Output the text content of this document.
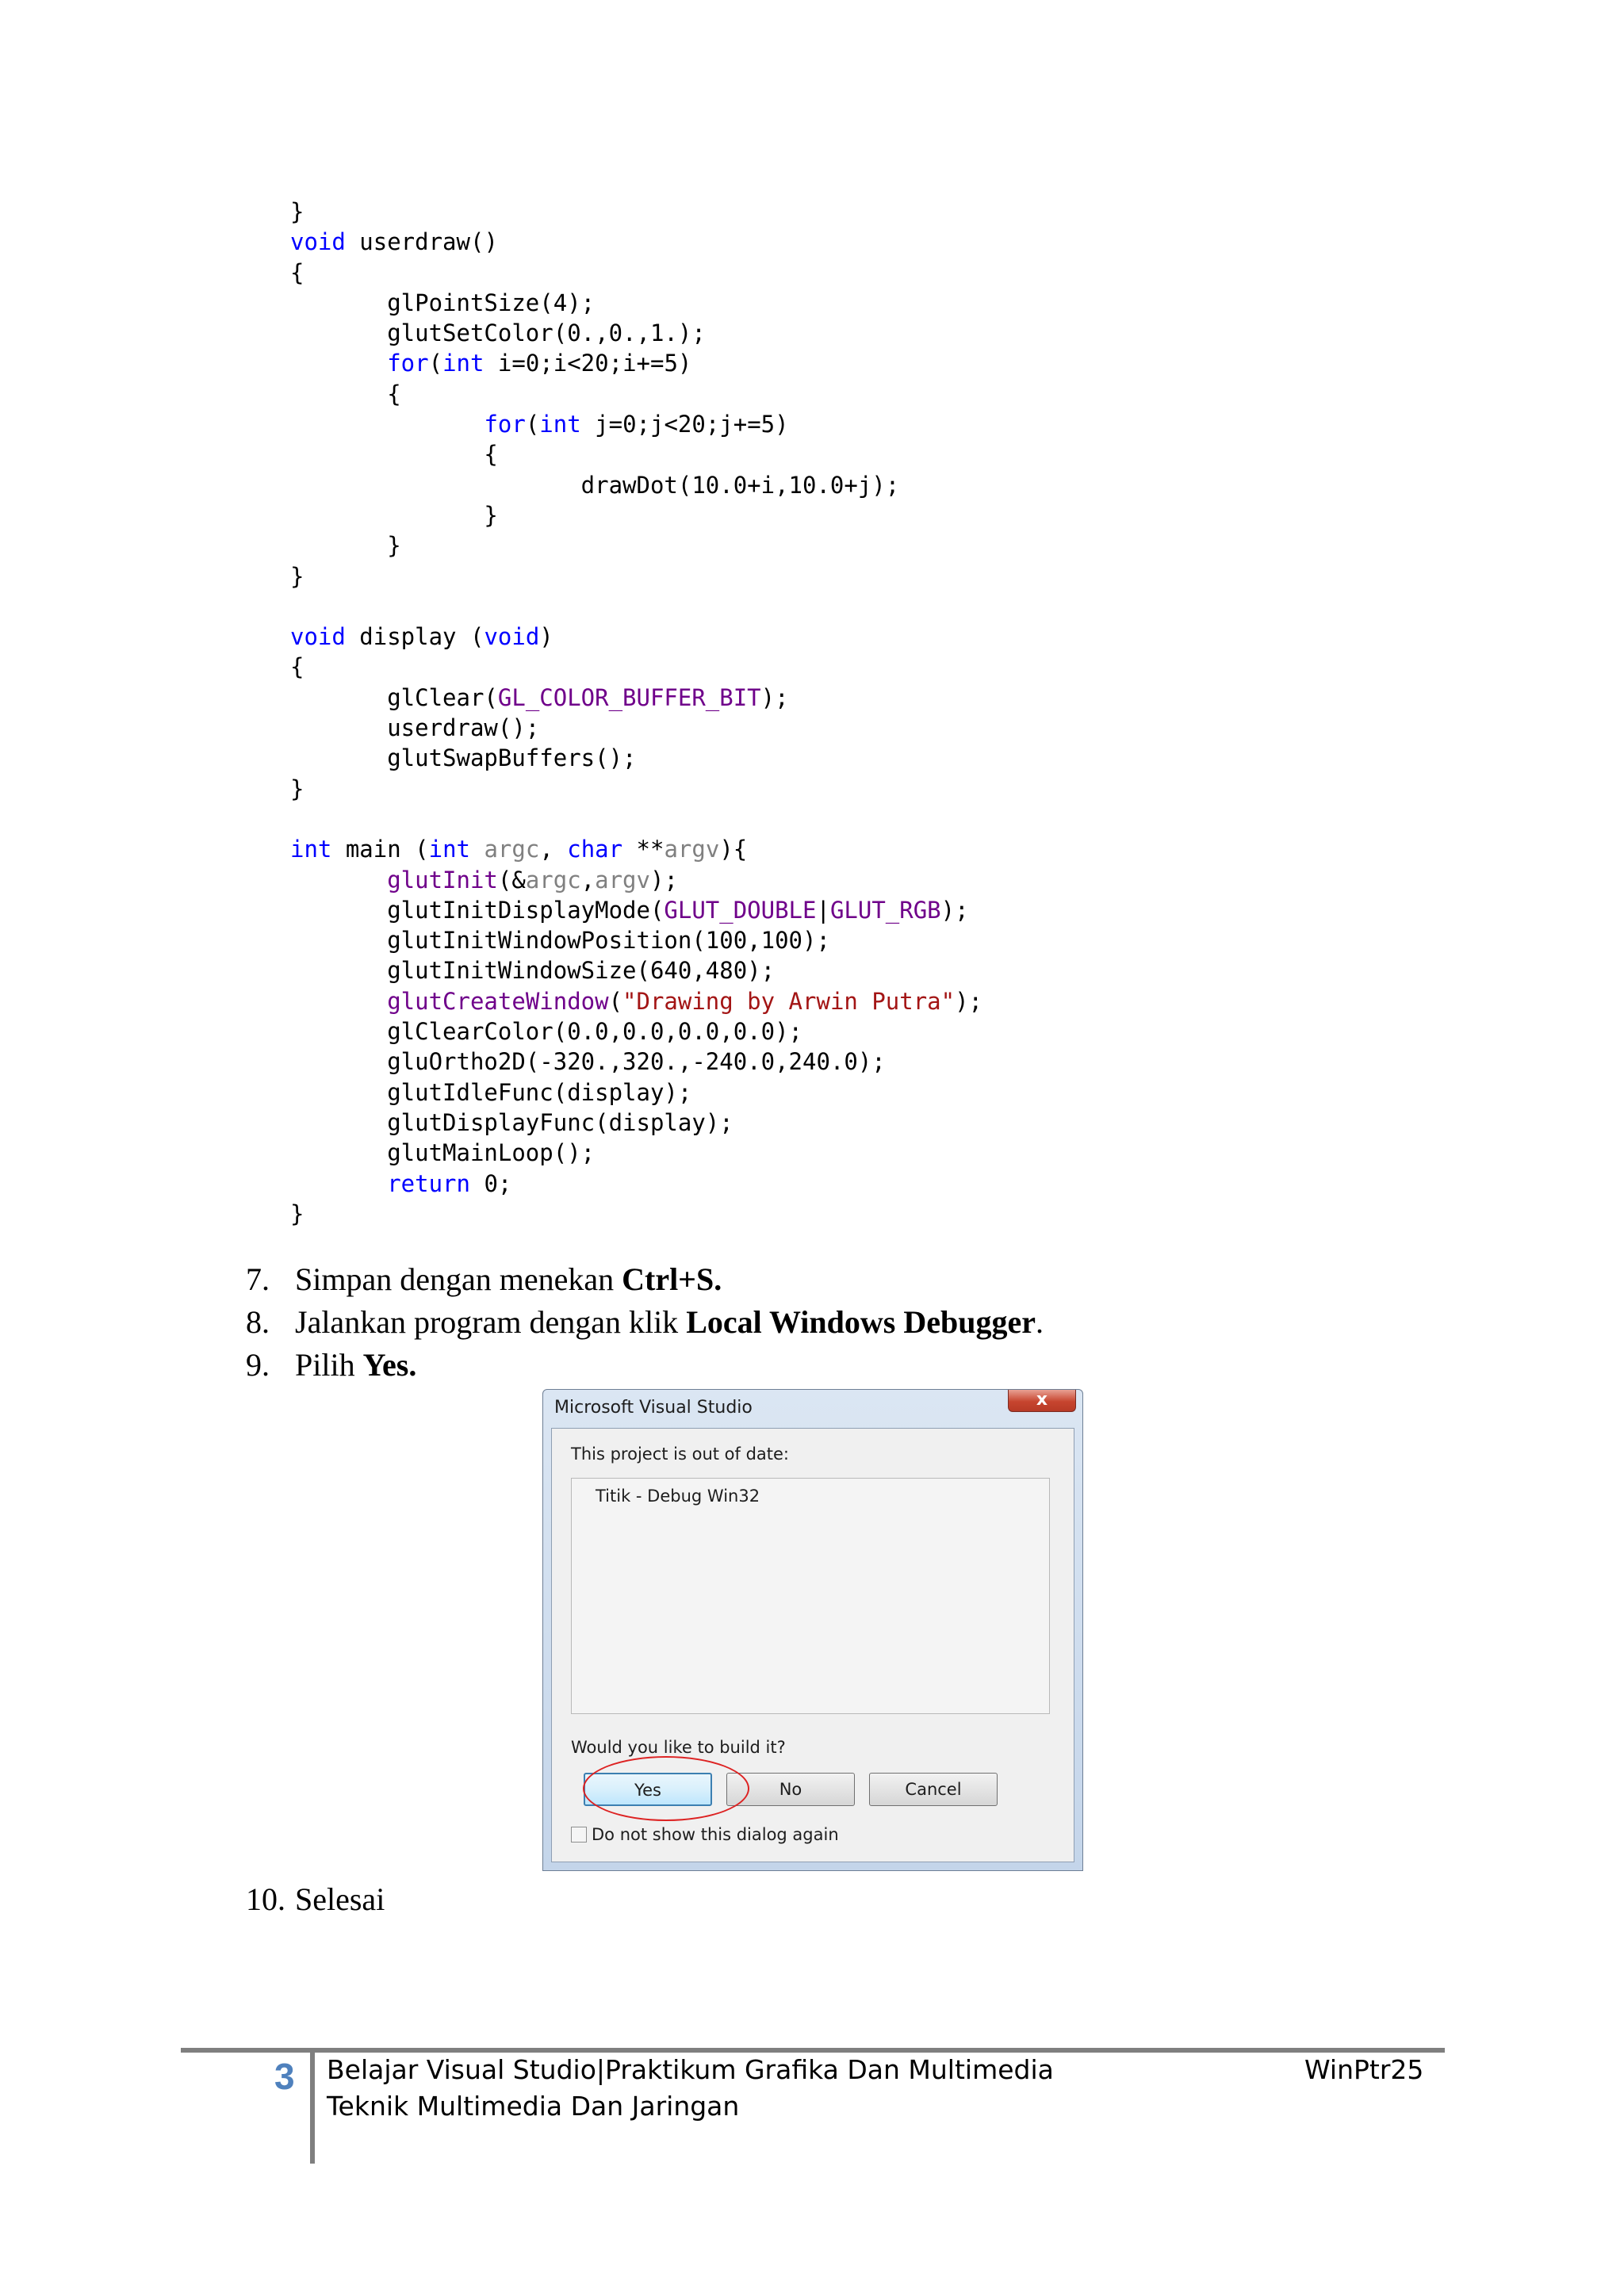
}
void userdraw()
{
glPointSize(4);
glutSetColor(0.,0.,1.);
for(int i=0;i<20;i+=5)
{
for(int j=0;j<20;j+=5)
{
drawDot(10.0+i,10.0+j);
}
}
}

void display (void)
{
glClear(GL_COLOR_BUFFER_BIT);
userdraw();
glutSwapBuffers();
}

int main (int argc, char **argv){
glutInit(&argc,argv);
glutInitDisplayMode(GLUT_DOUBLE|GLUT_RGB);
glutInitWindowPosition(100,100);
glutInitWindowSize(640,480);
glutCreateWindow("Drawing by Arwin Putra");
glClearColor(0.0,0.0,0.0,0.0);
gluOrtho2D(-320.,320.,-240.0,240.0);
glutIdleFunc(display);
glutDisplayFunc(display);
glutMainLoop();
return 0;
}
7. Simpan dengan menekan Ctrl+S.
8. Jalankan program dengan klik Local Windows Debugger.
9. Pilih Yes.
10. Selesai
Microsoft Visual Studio	x
This project is out of date:
Titik - Debug Win32
Would you like to build it?
Yes	No	Cancel
Do not show this dialog again
3 Belajar Visual Studio|Praktikum Grafika Dan Multimedia
Teknik Multimedia Dan Jaringan
WinPtr25
